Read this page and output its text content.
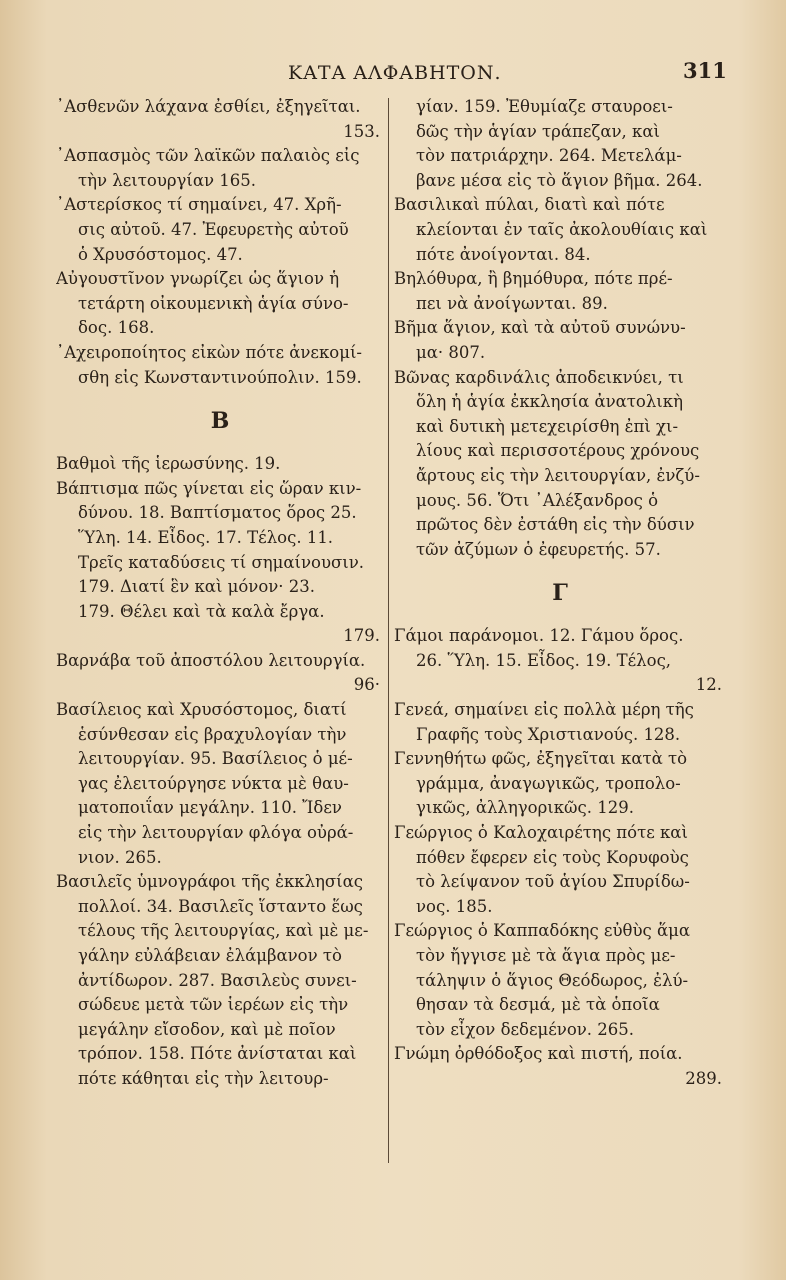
ΚΑΤΑ ΑΛΦΑΒΗΤΟΝ.	311
᾿Ασθενῶν λάχανα ἐσθίει, ἐξηγεῖται.
153.
᾿Ασπασμὸς τῶν λαϊκῶν παλαιὸς εἰς
τὴν λειτουργίαν 165.
᾿Αστερίσκος τί σημαίνει, 47. Χρῆ-
σις αὐτοῦ. 47. Ἐφευρετὴς αὐτοῦ
ὁ Χρυσόστομος. 47.
Αὐγουστῖνον γνωρίζει ὡς ἅγιον ἡ
τετάρτη οἰκουμενικὴ ἁγία σύνο-
δος. 168.
᾿Αχειροποίητος εἰκὼν πότε ἀνεκομί-
σθη εἰς Κωνσταντινούπολιν. 159.
Β
Βαθμοὶ τῆς ἱερωσύνης. 19.
Βάπτισμα πῶς γίνεται εἰς ὥραν κιν-
δύνου. 18. Βαπτίσματος ὅρος 25.
Ὕλη. 14. Εἶδος. 17. Τέλος. 11.
Τρεῖς καταδύσεις τί σημαίνουσιν.
179. Διατί ἓν καὶ μόνον· 23.
179. Θέλει καὶ τὰ καλὰ ἔργα.
179.
Βαρνάβα τοῦ ἀποστόλου λειτουργία.
96·
Βασίλειος καὶ Χρυσόστομος, διατί
ἑσύνθεσαν εἰς βραχυλογίαν τὴν
λειτουργίαν. 95. Βασίλειος ὁ μέ-
γας ἐλειτούργησε νύκτα μὲ θαυ-
ματοποιΐαν μεγάλην. 110. Ἴδεν
εἰς τὴν λειτουργίαν φλόγα οὐρά-
νιον. 265.
Βασιλεῖς ὑμνογράφοι τῆς ἐκκλησίας
πολλοί. 34. Βασιλεῖς ἵσταντο ἕως
τέλους τῆς λειτουργίας, καὶ μὲ με-
γάλην εὐλάβειαν ἐλάμβανον τὸ
ἀντίδωρον. 287. Βασιλεὺς συνει-
σώδευε μετὰ τῶν ἱερέων εἰς τὴν
μεγάλην εἴσοδον, καὶ μὲ ποῖον
τρόπον. 158. Πότε ἀνίσταται καὶ
πότε κάθηται εἰς τὴν λειτουρ-
γίαν. 159. Ἐθυμίαζε σταυροει-
δῶς τὴν ἁγίαν τράπεζαν, καὶ
τὸν πατριάρχην. 264. Μετελάμ-
βανε μέσα εἰς τὸ ἅγιον βῆμα. 264.
Βασιλικαὶ πύλαι, διατὶ καὶ πότε
κλείονται ἐν ταῖς ἀκολουθίαις καὶ
πότε ἀνοίγονται. 84.
Βηλόθυρα, ἢ βημόθυρα, πότε πρέ-
πει νὰ ἀνοίγωνται. 89.
Βῆμα ἅγιον, καὶ τὰ αὐτοῦ συνώνυ-
μα· 807.
Βῶνας καρδινάλις ἀποδεικνύει, τι
ὅλη ἡ ἁγία ἐκκλησία ἀνατολικὴ
καὶ δυτικὴ μετεχειρίσθη ἐπὶ χι-
λίους καὶ περισσοτέρους χρόνους
ἄρτους εἰς τὴν λειτουργίαν, ἐνζύ-
μους. 56. Ὅτι ᾿Αλέξανδρος ὁ
πρῶτος δὲν ἐστάθη εἰς τὴν δύσιν
τῶν ἀζύμων ὁ ἐφευρετής. 57.
Γ
Γάμοι παράνομοι. 12. Γάμου ὅρος.
26. Ὕλη. 15. Εἶδος. 19. Τέλος,
12.
Γενεά, σημαίνει εἰς πολλὰ μέρη τῆς
Γραφῆς τοὺς Χριστιανούς. 128.
Γεννηθήτω φῶς, ἐξηγεῖται κατὰ τὸ
γράμμα, ἀναγωγικῶς, τροπολο-
γικῶς, ἀλληγορικῶς. 129.
Γεώργιος ὁ Καλοχαιρέτης πότε καὶ
πόθεν ἔφερεν εἰς τοὺς Κορυφοὺς
τὸ λείψανον τοῦ ἁγίου Σπυρίδω-
νος. 185.
Γεώργιος ὁ Καππαδόκης εὐθὺς ἅμα
τὸν ἤγγισε μὲ τὰ ἅγια πρὸς με-
τάληψιν ὁ ἅγιος Θεόδωρος, ἐλύ-
θησαν τὰ δεσμά, μὲ τὰ ὁποῖα
τὸν εἶχον δεδεμένον. 265.
Γνώμη ὀρθόδοξος καὶ πιστή, ποία.
289.
